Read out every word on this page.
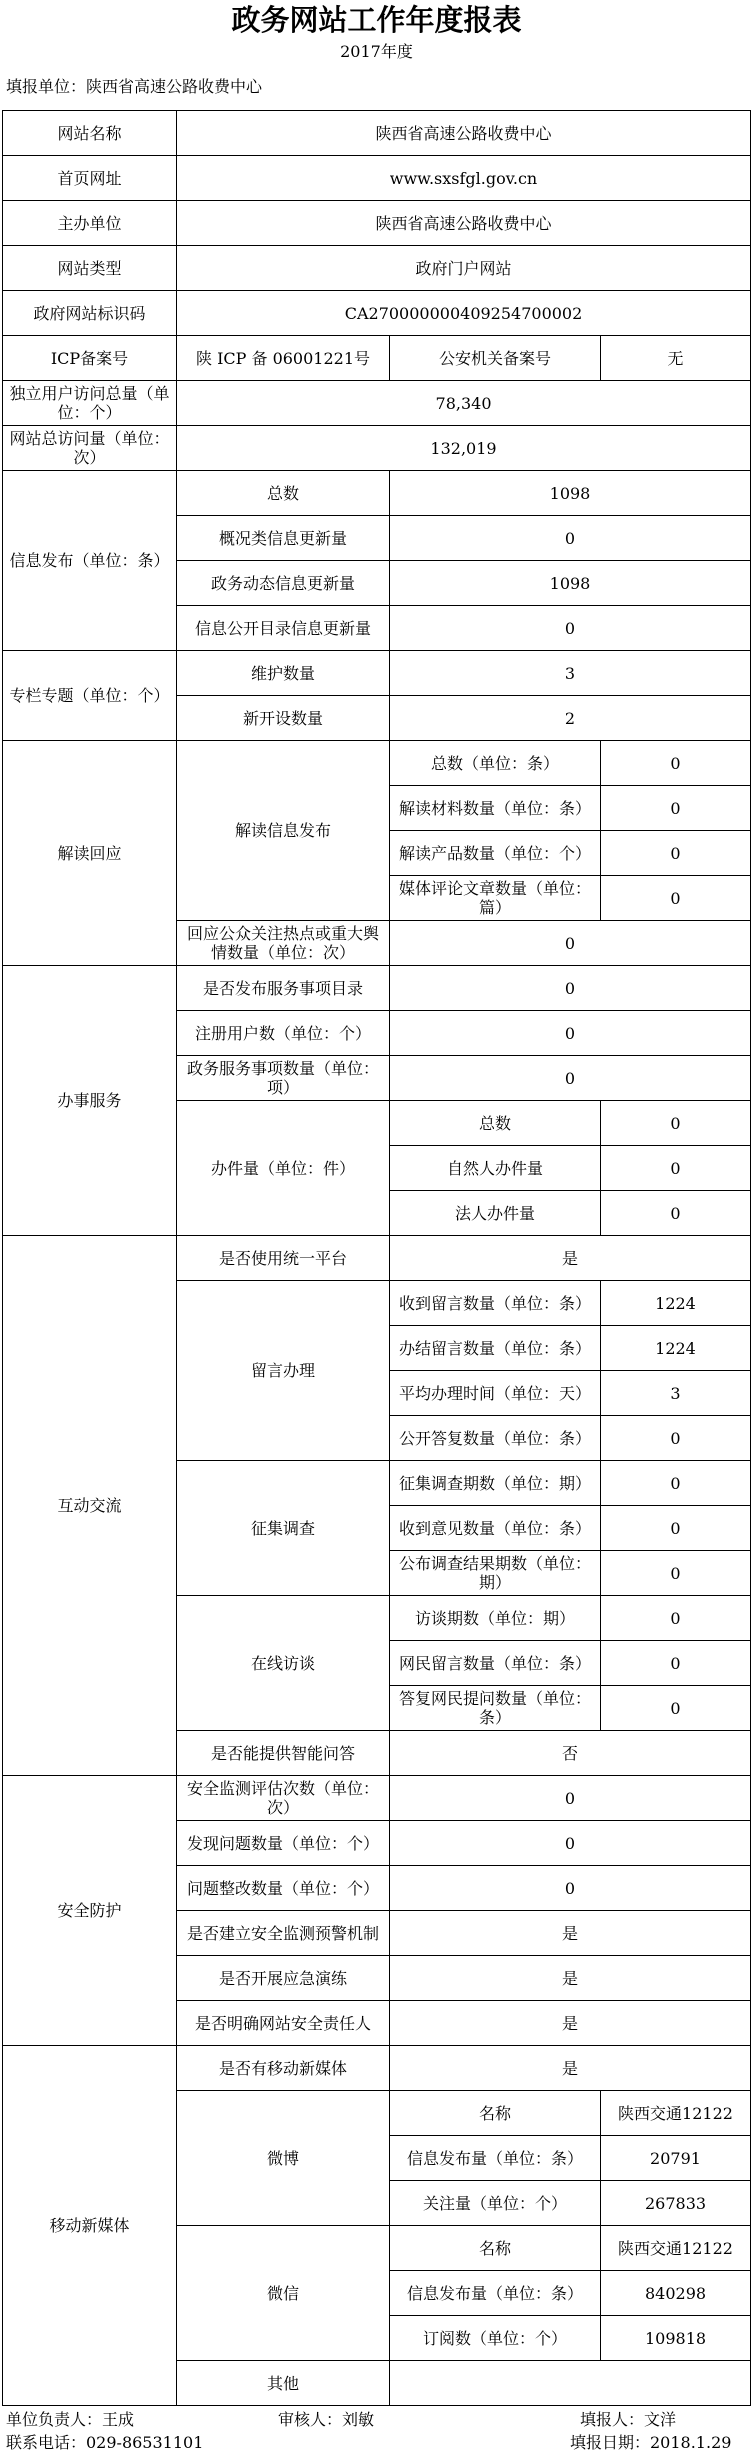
政务网站工作年度报表
2017年度
填报单位：陕西省高速公路收费中心
网站名称	陕西省高速公路收费中心		
首页网址	www.sxsfgl.gov.cn		
主办单位	陕西省高速公路收费中心		
网站类型	政府门户网站		
政府网站标识码	CA270000000409254700002		
ICP备案号	陕 ICP 备 06001221号	公安机关备案号	无
独立用户访问总量（单位：个）	78,340		
网站总访问量（单位：次）	132,019		
信息发布（单位：条）	总数	1098	
	概况类信息更新量	0	
	政务动态信息更新量	1098	
	信息公开目录信息更新量	0	
专栏专题（单位：个）	维护数量	3	
	新开设数量	2	
解读回应	解读信息发布	总数（单位：条）	0
		解读材料数量（单位：条）	0
		解读产品数量（单位：个）	0
		媒体评论文章数量（单位：篇）	0
	回应公众关注热点或重大舆情数量（单位：次）	0	
办事服务	是否发布服务事项目录	0	
	注册用户数（单位：个）	0	
	政务服务事项数量（单位：项）	0	
	办件量（单位：件）	总数	0
		自然人办件量	0
		法人办件量	0
互动交流	是否使用统一平台	是	
	留言办理	收到留言数量（单位：条）	1224
		办结留言数量（单位：条）	1224
		平均办理时间（单位：天）	3
		公开答复数量（单位：条）	0
	征集调查	征集调查期数（单位：期）	0
		收到意见数量（单位：条）	0
		公布调查结果期数（单位：期）	0
	在线访谈	访谈期数（单位：期）	0
		网民留言数量（单位：条）	0
		答复网民提问数量（单位：条）	0
	是否能提供智能问答	否	
安全防护	安全监测评估次数（单位：次）	0	
	发现问题数量（单位：个）	0	
	问题整改数量（单位：个）	0	
	是否建立安全监测预警机制	是	
	是否开展应急演练	是	
	是否明确网站安全责任人	是	
移动新媒体	是否有移动新媒体	是	
	微博	名称	陕西交通12122
		信息发布量（单位：条）	20791
		关注量（单位：个）	267833
	微信	名称	陕西交通12122
		信息发布量（单位：条）	840298
		订阅数（单位：个）	109818
	其他		
单位负责人：王成	审核人：刘敏	填报人：文洋
联系电话：029-86531101	填报日期：2018.1.29
